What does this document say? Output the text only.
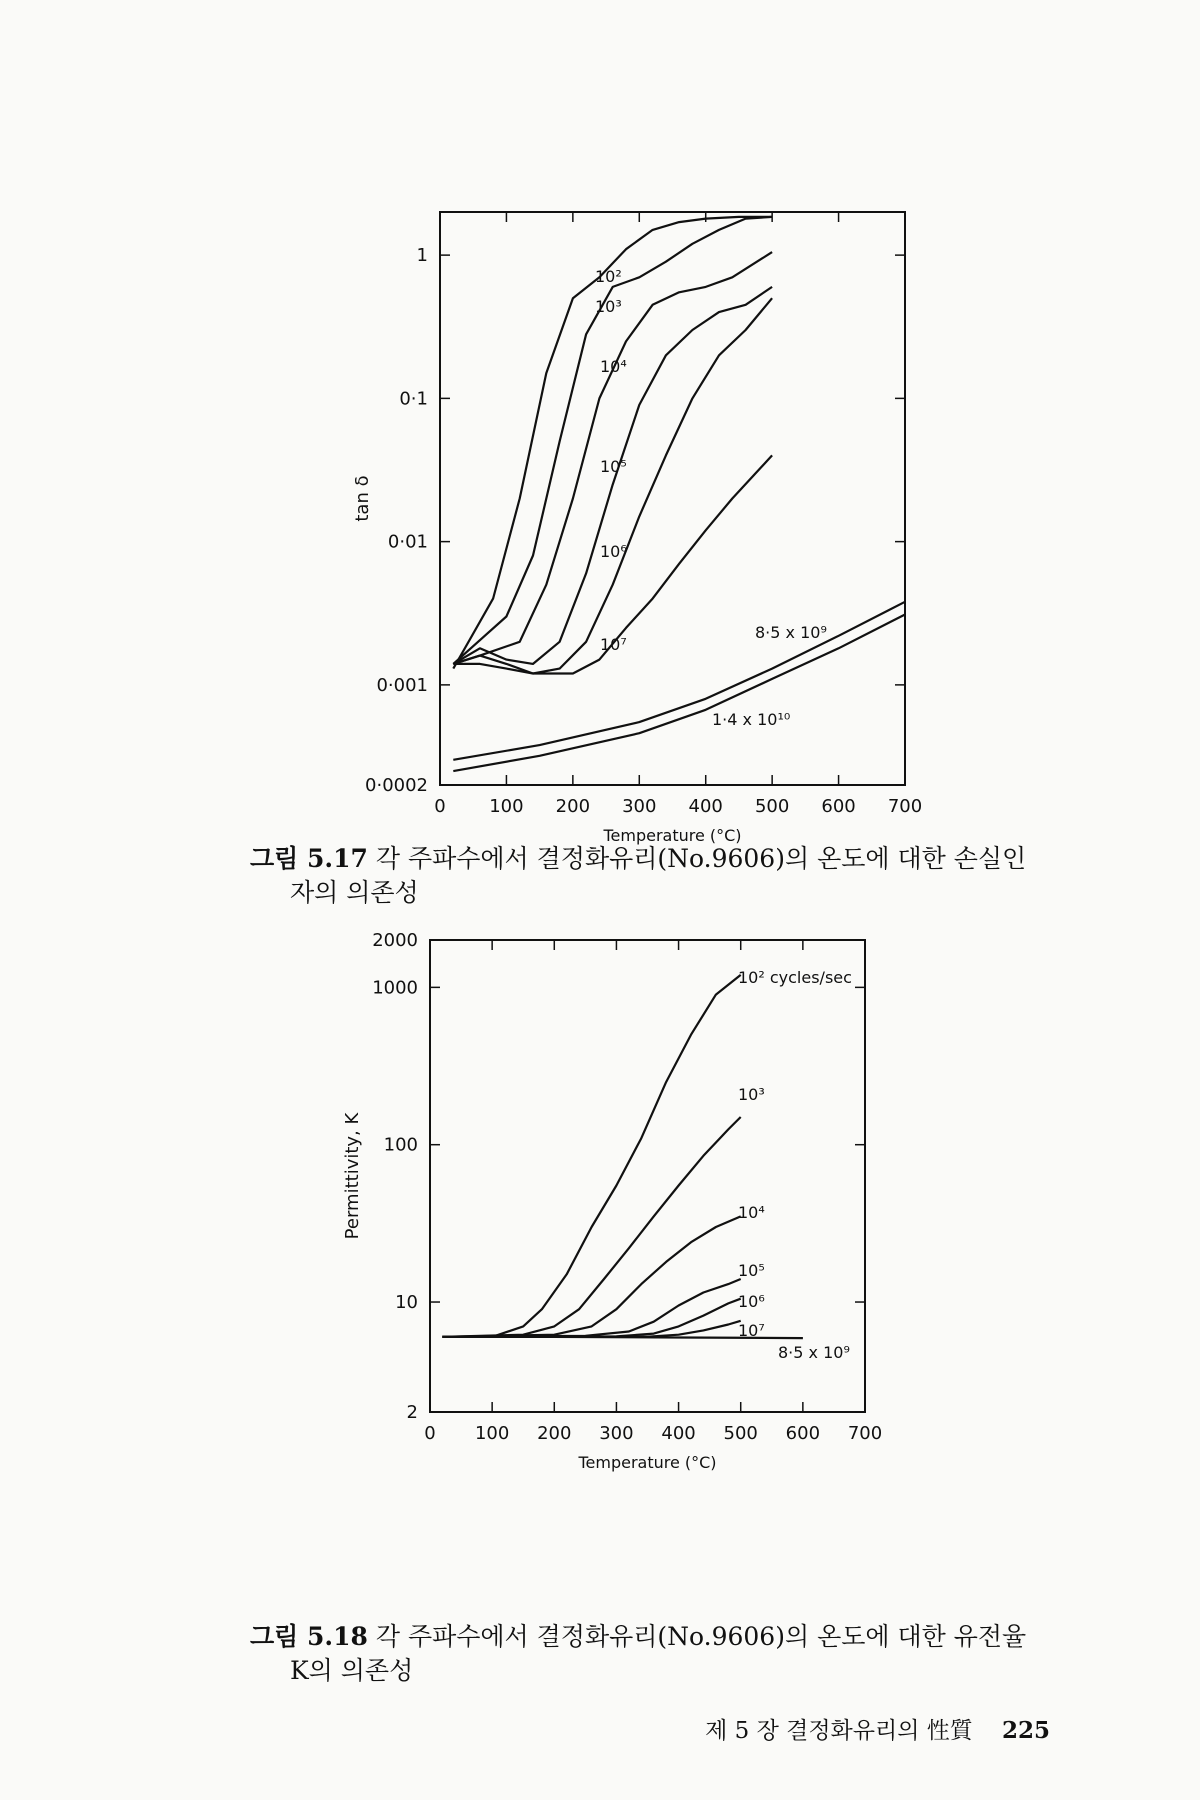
0 100 200 300 400 500 600 700
0·0002
0·001
0·01
0·1
1
Temperature (°C)
tan δ
10²
10³
10⁴
10⁵
10⁶
10⁷
8·5 x 10⁹
1·4 x 10¹⁰
0 100 200 300 400 500 600 700
2
10
100
1000
2000
Temperature (°C)
Permittivity, K
10² cycles/sec
10³
10⁴
10⁵
10⁶
10⁷
8·5 x 10⁹
그림 5.17 각 주파수에서 결정화유리(No.9606)의 온도에 대한 손실인
자의 의존성
그림 5.18 각 주파수에서 결정화유리(No.9606)의 온도에 대한 유전율
K의 의존성
제 5 장 결정화유리의 性質 225
